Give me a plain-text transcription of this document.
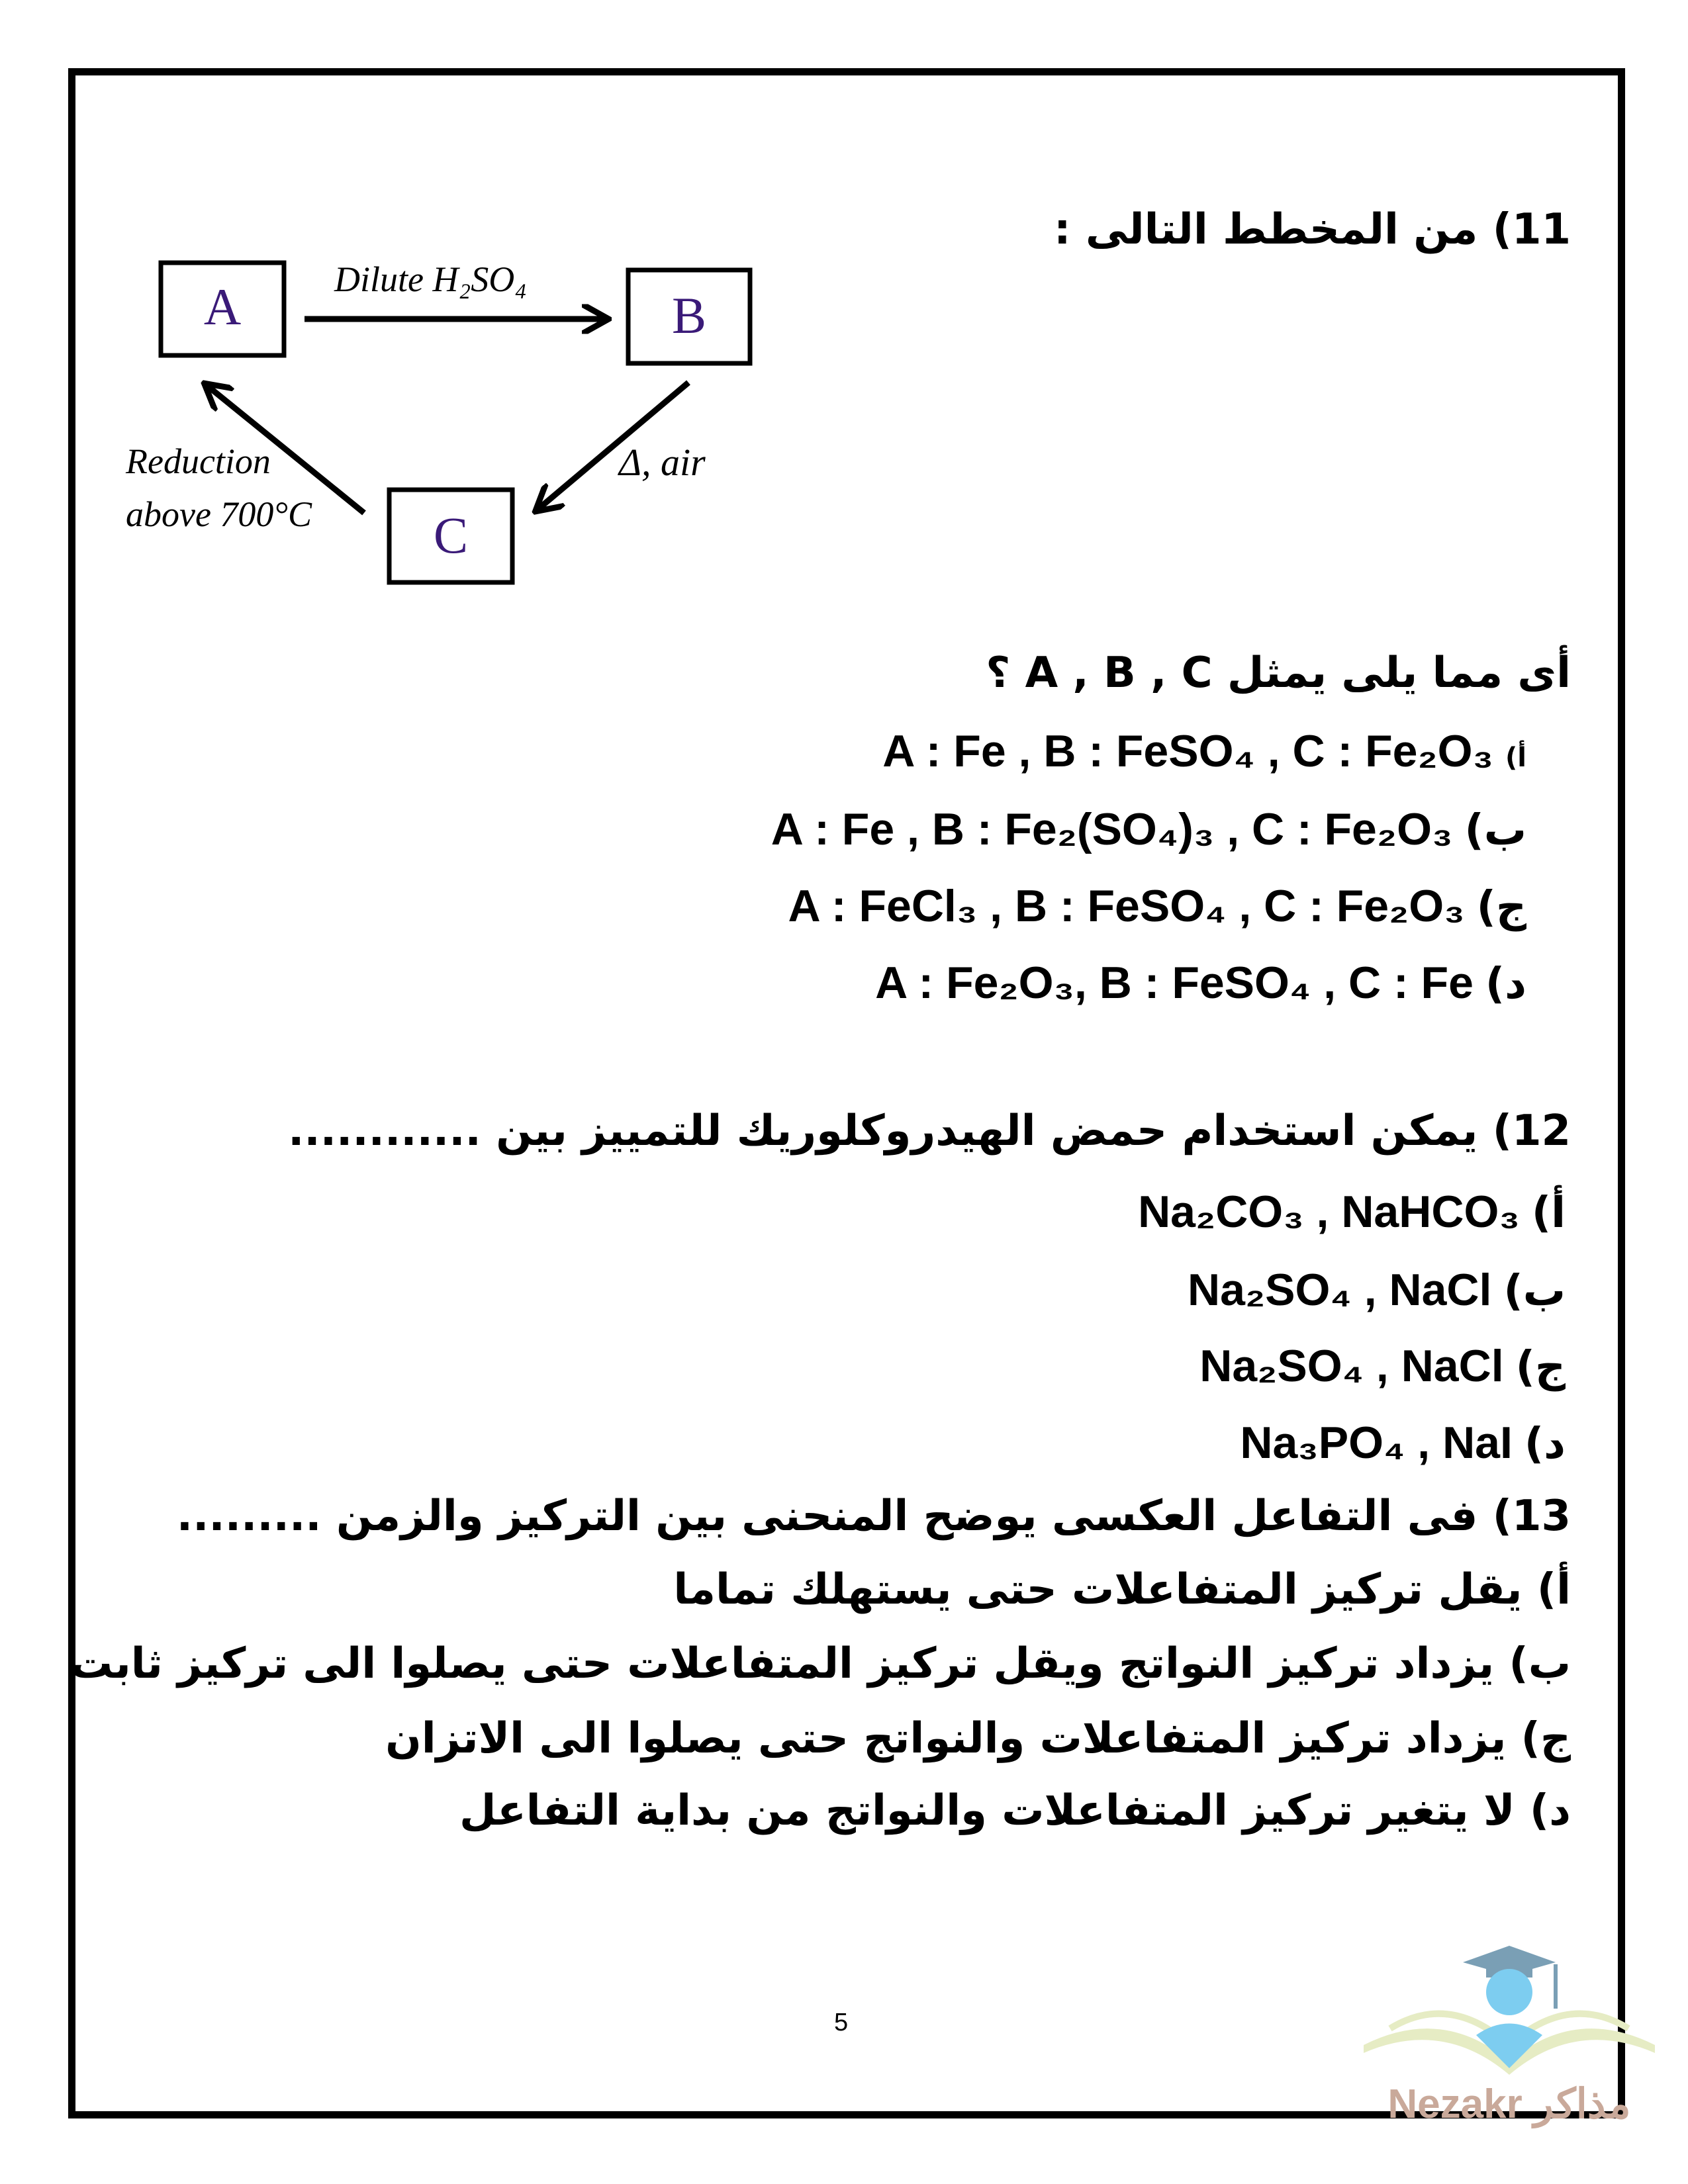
A	B
C
Dilute H₂SO₄
Δ, air
Reduction
above 700°C
11) من المخطط التالى :
أى مما يلى يمثل A , B , C ؟
أ)
A : Fe , B : FeSO₄ , C : Fe₂O₃
ب)
A : Fe , B : Fe₂(SO₄)₃ , C : Fe₂O₃
ج)
A : FeCl₃ , B : FeSO₄ , C : Fe₂O₃
د)
A : Fe₂O₃, B : FeSO₄ , C : Fe
12) يمكن استخدام حمض الهيدروكلوريك للتمييز بين ............
أ)
Na₂CO₃ , NaHCO₃
ب)
Na₂SO₄ , NaCl
ج)
Na₂SO₄ , NaCl
د)
Na₃PO₄ , NaI
13) فى التفاعل العكسى يوضح المنحنى بين التركيز والزمن .........
أ) يقل تركيز المتفاعلات حتى يستهلك تماما
ب) يزداد تركيز النواتج ويقل تركيز المتفاعلات حتى يصلوا الى تركيز ثابت
ج) يزداد تركيز المتفاعلات والنواتج حتى يصلوا الى الاتزان
د) لا يتغير تركيز المتفاعلات والنواتج من بداية التفاعل
5
Nezakr مذاكر
